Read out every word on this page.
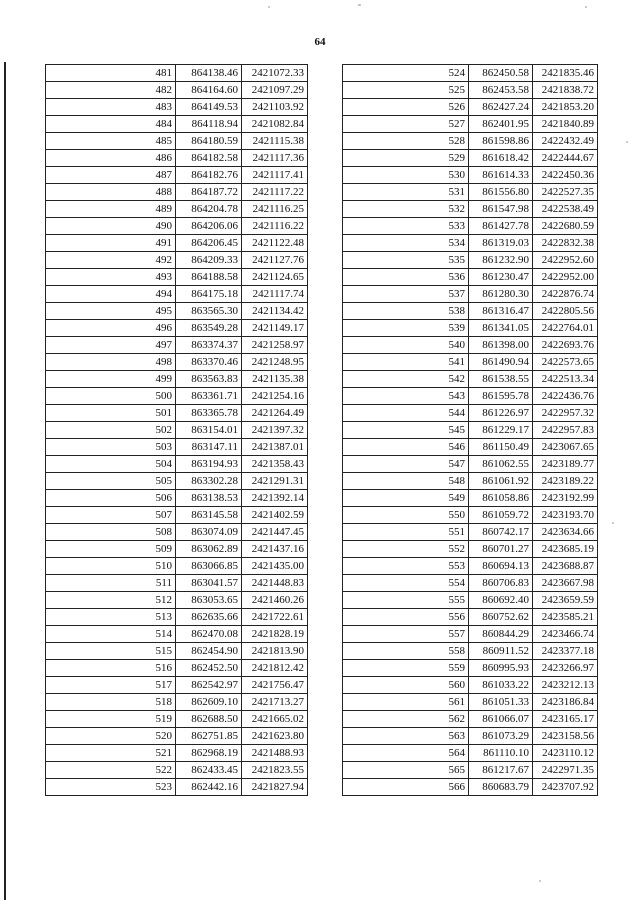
64
481	864138.46	2421072.33
482	864164.60	2421097.29
483	864149.53	2421103.92
484	864118.94	2421082.84
485	864180.59	2421115.38
486	864182.58	2421117.36
487	864182.76	2421117.41
488	864187.72	2421117.22
489	864204.78	2421116.25
490	864206.06	2421116.22
491	864206.45	2421122.48
492	864209.33	2421127.76
493	864188.58	2421124.65
494	864175.18	2421117.74
495	863565.30	2421134.42
496	863549.28	2421149.17
497	863374.37	2421258.97
498	863370.46	2421248.95
499	863563.83	2421135.38
500	863361.71	2421254.16
501	863365.78	2421264.49
502	863154.01	2421397.32
503	863147.11	2421387.01
504	863194.93	2421358.43
505	863302.28	2421291.31
506	863138.53	2421392.14
507	863145.58	2421402.59
508	863074.09	2421447.45
509	863062.89	2421437.16
510	863066.85	2421435.00
511	863041.57	2421448.83
512	863053.65	2421460.26
513	862635.66	2421722.61
514	862470.08	2421828.19
515	862454.90	2421813.90
516	862452.50	2421812.42
517	862542.97	2421756.47
518	862609.10	2421713.27
519	862688.50	2421665.02
520	862751.85	2421623.80
521	862968.19	2421488.93
522	862433.45	2421823.55
523	862442.16	2421827.94
524	862450.58	2421835.46
525	862453.58	2421838.72
526	862427.24	2421853.20
527	862401.95	2421840.89
528	861598.86	2422432.49
529	861618.42	2422444.67
530	861614.33	2422450.36
531	861556.80	2422527.35
532	861547.98	2422538.49
533	861427.78	2422680.59
534	861319.03	2422832.38
535	861232.90	2422952.60
536	861230.47	2422952.00
537	861280.30	2422876.74
538	861316.47	2422805.56
539	861341.05	2422764.01
540	861398.00	2422693.76
541	861490.94	2422573.65
542	861538.55	2422513.34
543	861595.78	2422436.76
544	861226.97	2422957.32
545	861229.17	2422957.83
546	861150.49	2423067.65
547	861062.55	2423189.77
548	861061.92	2423189.22
549	861058.86	2423192.99
550	861059.72	2423193.70
551	860742.17	2423634.66
552	860701.27	2423685.19
553	860694.13	2423688.87
554	860706.83	2423667.98
555	860692.40	2423659.59
556	860752.62	2423585.21
557	860844.29	2423466.74
558	860911.52	2423377.18
559	860995.93	2423266.97
560	861033.22	2423212.13
561	861051.33	2423186.84
562	861066.07	2423165.17
563	861073.29	2423158.56
564	861110.10	2423110.12
565	861217.67	2422971.35
566	860683.79	2423707.92
